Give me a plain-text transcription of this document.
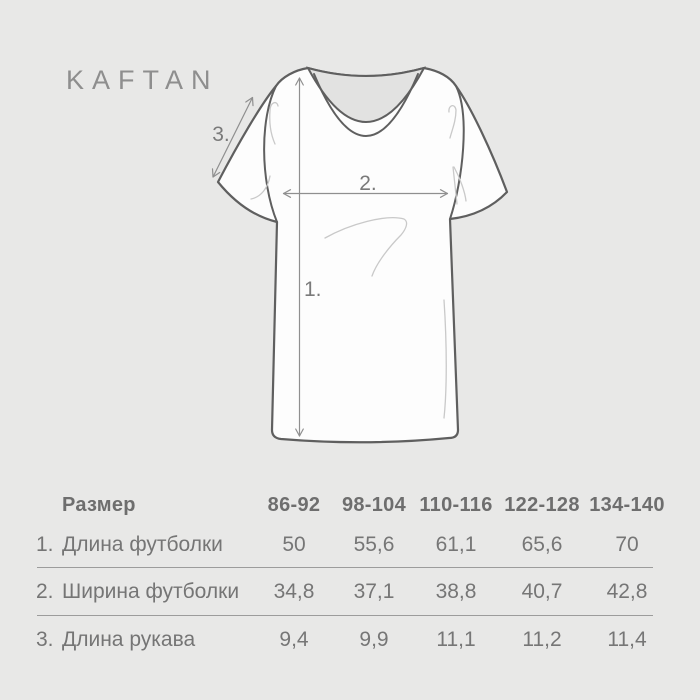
KAFTAN
1.
2.
3.
Размер	86-92	98-104 110-116 122-128 134-140
1. Длина футболки	50	55,6	61,1	65,6	70
2. Ширина футболки	34,8	37,1	38,8	40,7	42,8
3. Длина рукава	9,4	9,9	11,1	11,2	11,4
